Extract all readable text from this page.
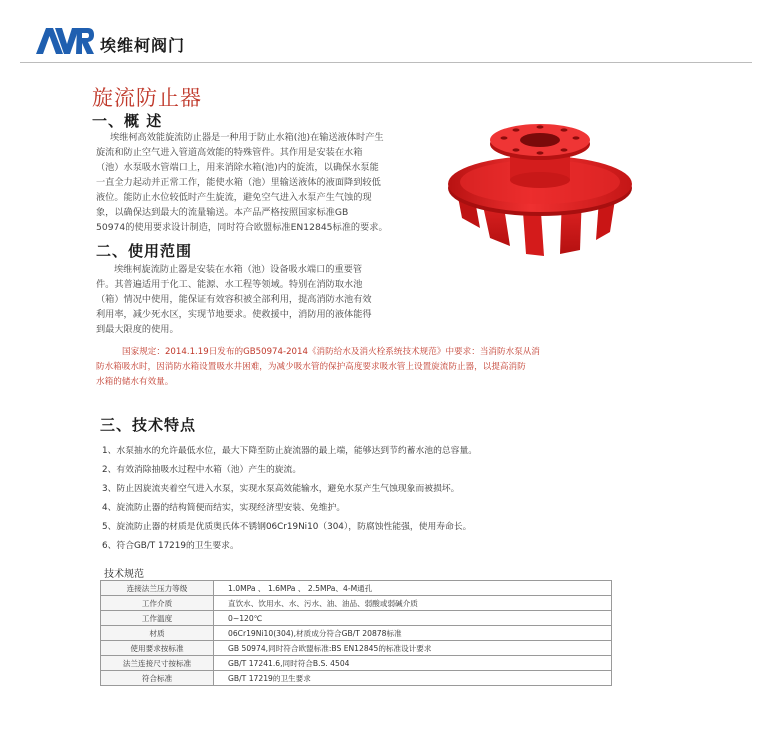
埃维柯阀门
旋流防止器
一、概 述
埃维柯高效能旋流防止器是一种用于防止水箱(池)在输送液体时产生
旋流和防止空气进入管道高效能的特殊管件。其作用是安装在水箱
（池）水泵吸水管端口上，用来消除水箱(池)内的旋流，以确保水泵能
一直全力起动并正常工作，能使水箱（池）里输送液体的液面降到较低
液位。能防止水位较低时产生旋流，避免空气进入水泵产生气蚀的现
象，以确保达到最大的流量输送。本产品严格按照国家标准GB
50974的使用要求设计制造，同时符合欧盟标准EN12845标准的要求。
二、使用范围
埃维柯旋流防止器是安装在水箱（池）设备吸水端口的重要管
件。其普遍适用于化工、能源、水工程等领域。特别在消防取水池
（箱）情况中使用，能保证有效容积被全部利用，提高消防水池有效
利用率，减少死水区，实现节地要求。使救援中，消防用的液体能得
到最大限度的使用。
国家规定：2014.1.19日发布的GB50974-2014《消防给水及消火栓系统技术规范》中要求：当消防水泵从消
防水箱吸水时，因消防水箱设置吸水井困难，为减少吸水管的保护高度要求吸水管上设置旋流防止器，以提高消防
水箱的储水有效量。
三、技术特点
1、水泵抽水的允许最低水位，最大下降至防止旋流器的最上端，能够达到节约蓄水池的总容量。
2、有效消除抽吸水过程中水箱（池）产生的旋流。
3、防止因旋流夹着空气进入水泵，实现水泵高效能输水，避免水泵产生气蚀现象而被损坏。
4、旋流防止器的结构简便而结实，实现经济型安装、免维护。
5、旋流防止器的材质是优质奥氏体不锈钢06Cr19Ni10（304），防腐蚀性能强，使用寿命长。
6、符合GB/T 17219的卫生要求。
技术规范
连接法兰压力等级	1.0MPa 、 1.6MPa 、 2.5MPa、4-M通孔
工作介质	直饮水、饮用水、水、污水、油、油品、弱酸或弱碱介质
工作温度	0~120℃
材质	06Cr19Ni10(304),材质成分符合GB/T 20878标准
使用要求按标准	GB 50974,同时符合欧盟标准:BS EN12845的标准设计要求
法兰连接尺寸按标准	GB/T 17241.6,同时符合B.S. 4504
符合标准	GB/T 17219的卫生要求
